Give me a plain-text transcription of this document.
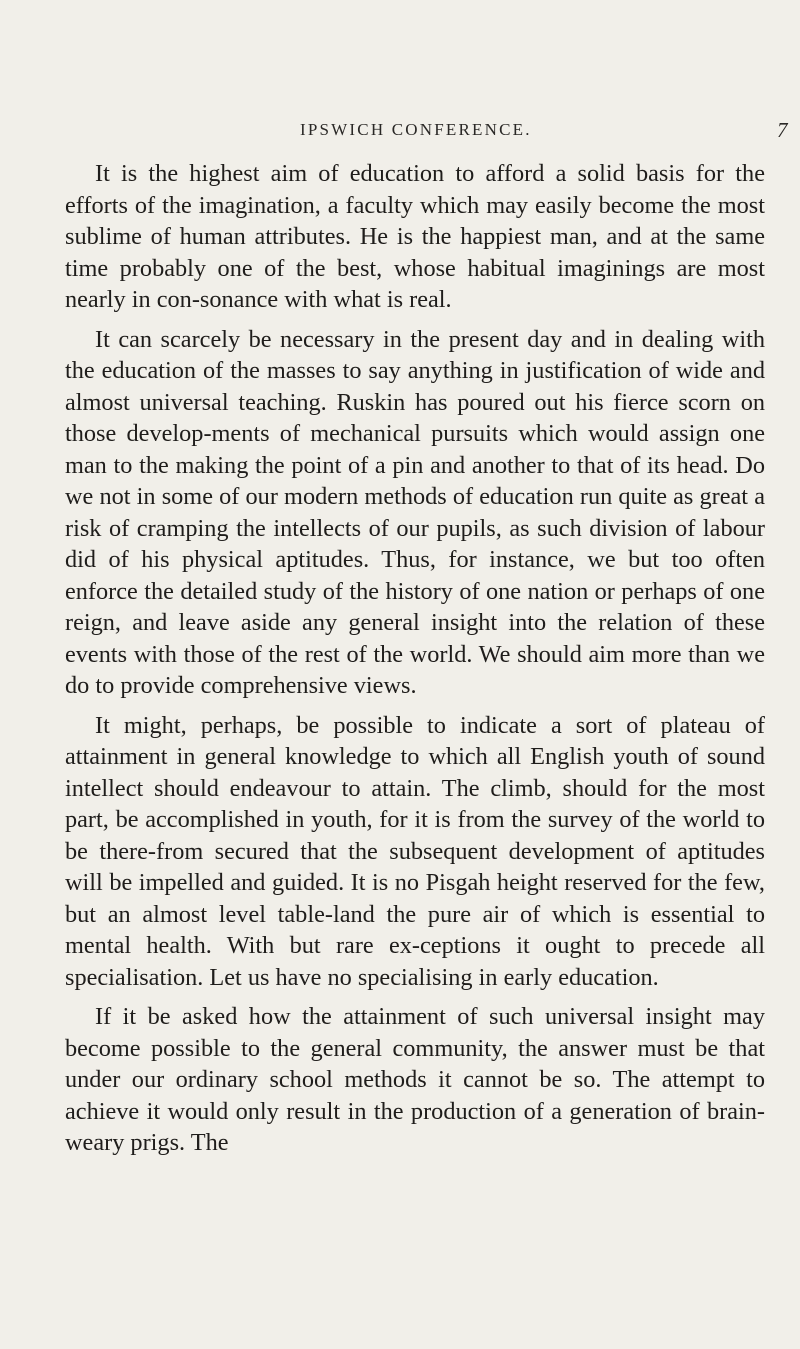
IPSWICH CONFERENCE.	7

It is the highest aim of education to afford a solid basis for the efforts of the imagination, a faculty which may easily become the most sublime of human attributes. He is the happiest man, and at the same time probably one of the best, whose habitual imaginings are most nearly in con-sonance with what is real.

It can scarcely be necessary in the present day and in dealing with the education of the masses to say anything in justification of wide and almost universal teaching. Ruskin has poured out his fierce scorn on those develop-ments of mechanical pursuits which would assign one man to the making the point of a pin and another to that of its head. Do we not in some of our modern methods of education run quite as great a risk of cramping the intellects of our pupils, as such division of labour did of his physical aptitudes. Thus, for instance, we but too often enforce the detailed study of the history of one nation or perhaps of one reign, and leave aside any general insight into the relation of these events with those of the rest of the world. We should aim more than we do to provide comprehensive views.

It might, perhaps, be possible to indicate a sort of plateau of attainment in general knowledge to which all English youth of sound intellect should endeavour to attain. The climb, should for the most part, be accomplished in youth, for it is from the survey of the world to be there-from secured that the subsequent development of aptitudes will be impelled and guided. It is no Pisgah height reserved for the few, but an almost level table-land the pure air of which is essential to mental health. With but rare ex-ceptions it ought to precede all specialisation. Let us have no specialising in early education.

If it be asked how the attainment of such universal insight may become possible to the general community, the answer must be that under our ordinary school methods it cannot be so. The attempt to achieve it would only result in the production of a generation of brain-weary prigs. The
